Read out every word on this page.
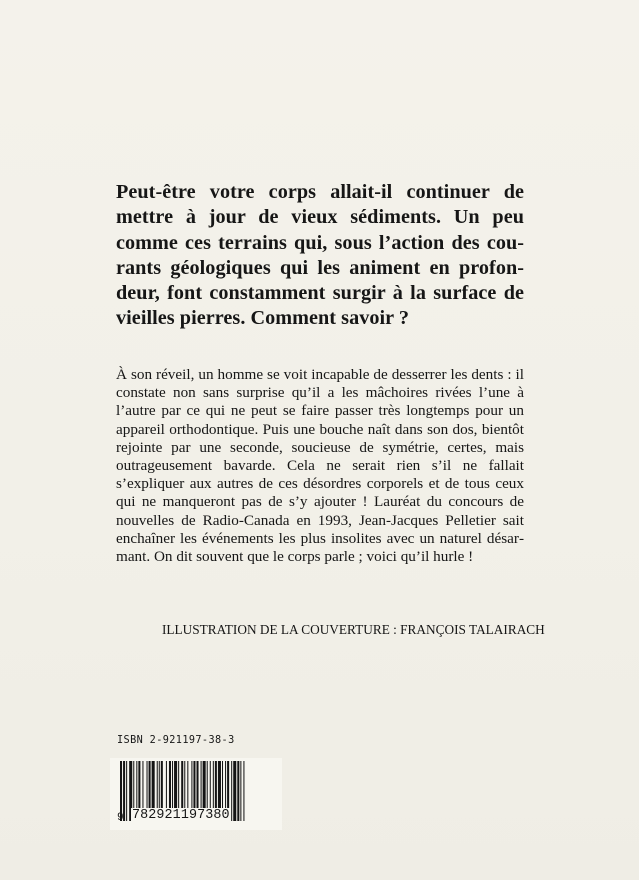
Peut-être votre corps allait-il continuer de mettre à jour de vieux sédiments. Un peu comme ces terrains qui, sous l’action des courants géologiques qui les animent en profondeur, font constamment surgir à la surface de vieilles pierres. Comment savoir ?

À son réveil, un homme se voit incapable de desserrer les dents : il constate non sans surprise qu’il a les mâchoires rivées l’une à l’autre par ce qui ne peut se faire passer très longtemps pour un appareil orthodontique. Puis une bouche naît dans son dos, bientôt rejointe par une seconde, soucieuse de symétrie, certes, mais outrageusement bavarde. Cela ne serait rien s’il ne fallait s’expliquer aux autres de ces désordres corporels et de tous ceux qui ne manqueront pas de s’y ajouter ! Lauréat du concours de nouvelles de Radio-Canada en 1993, Jean-Jacques Pelletier sait enchaîner les événements les plus insolites avec un naturel désarmant. On dit souvent que le corps parle ; voici qu’il hurle !

ILLUSTRATION DE LA COUVERTURE : FRANÇOIS TALAIRACH

ISBN 2-921197-38-3

9 782921197380
